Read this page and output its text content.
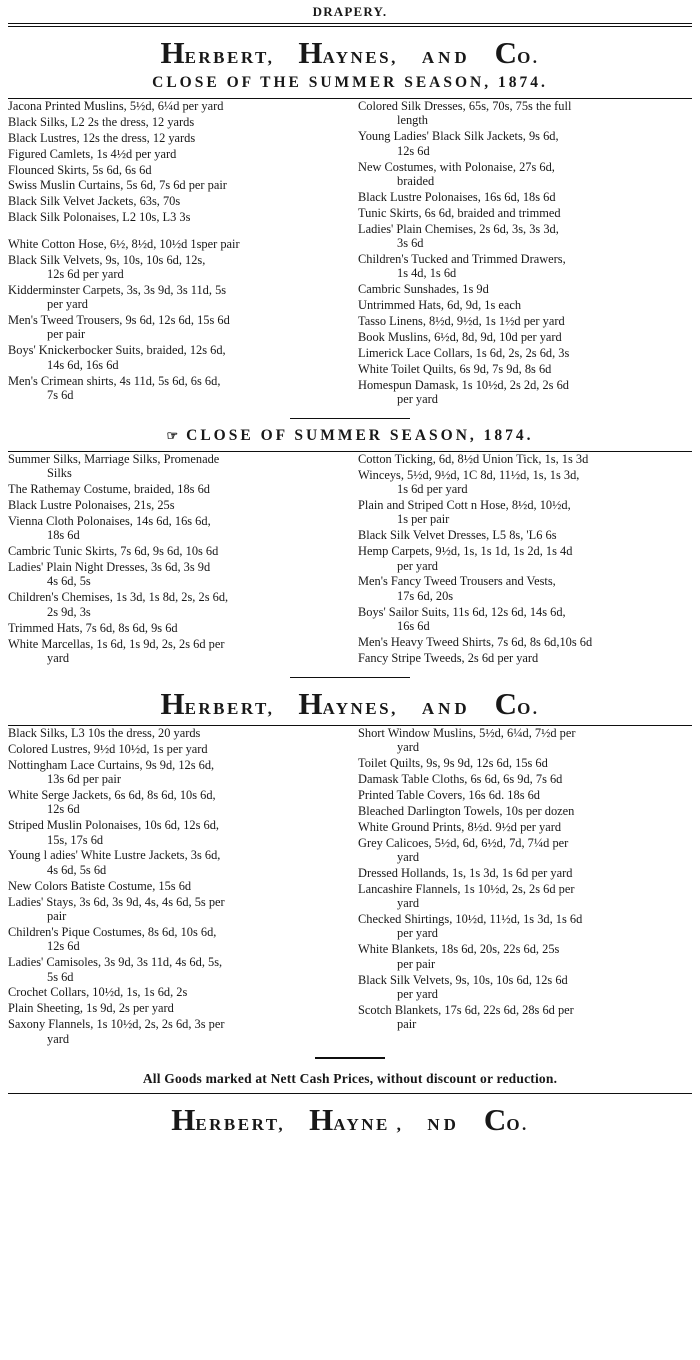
DRAPERY.
HERBERT, HAYNES, AND CO.
CLOSE OF THE SUMMER SEASON, 1874.
Jacona Printed Muslins, 5½d, 6¼d per yard
Black Silks, L2 2s the dress, 12 yards
Black Lustres, 12s the dress, 12 yards
Figured Camlets, 1s 4½d per yard
Flounced Skirts, 5s 6d, 6s 6d
Swiss Muslin Curtains, 5s 6d, 7s 6d per pair
Black Silk Velvet Jackets, 63s, 70s
Black Silk Polonaises, L2 10s, L3 3s
White Cotton Hose, 6½, 8½d, 10½d 1sper pair
Black Silk Velvets, 9s, 10s, 10s 6d, 12s,
12s 6d per yard
Kidderminster Carpets, 3s, 3s 9d, 3s 11d, 5s
per yard
Men's Tweed Trousers, 9s 6d, 12s 6d, 15s 6d
per pair
Boys' Knickerbocker Suits, braided, 12s 6d,
14s 6d, 16s 6d
Men's Crimean shirts, 4s 11d, 5s 6d, 6s 6d,
7s 6d
Colored Silk Dresses, 65s, 70s, 75s the full
length
Young Ladies' Black Silk Jackets, 9s 6d,
12s 6d
New Costumes, with Polonaise, 27s 6d,
braided
Black Lustre Polonaises, 16s 6d, 18s 6d
Tunic Skirts, 6s 6d, braided and trimmed
Ladies' Plain Chemises, 2s 6d, 3s, 3s 3d,
3s 6d
Children's Tucked and Trimmed Drawers,
1s 4d, 1s 6d
Cambric Sunshades, 1s 9d
Untrimmed Hats, 6d, 9d, 1s each
Tasso Linens, 8½d, 9½d, 1s 1½d per yard
Book Muslins, 6½d, 8d, 9d, 10d per yard
Limerick Lace Collars, 1s 6d, 2s, 2s 6d, 3s
White Toilet Quilts, 6s 9d, 7s 9d, 8s 6d
Homespun Damask, 1s 10½d, 2s 2d, 2s 6d
per yard
☞ CLOSE OF SUMMER SEASON, 1874.
Summer Silks, Marriage Silks, Promenade
Silks
The Rathemay Costume, braided, 18s 6d
Black Lustre Polonaises, 21s, 25s
Vienna Cloth Polonaises, 14s 6d, 16s 6d,
18s 6d
Cambric Tunic Skirts, 7s 6d, 9s 6d, 10s 6d
Ladies' Plain Night Dresses, 3s 6d, 3s 9d
4s 6d, 5s
Children's Chemises, 1s 3d, 1s 8d, 2s, 2s 6d,
2s 9d, 3s
Trimmed Hats, 7s 6d, 8s 6d, 9s 6d
White Marcellas, 1s 6d, 1s 9d, 2s, 2s 6d per
yard
Cotton Ticking, 6d, 8½d Union Tick, 1s, 1s 3d
Winceys, 5½d, 9½d, 1C 8d, 11½d, 1s, 1s 3d,
1s 6d per yard
Plain and Striped Cott n Hose, 8½d, 10½d,
1s per pair
Black Silk Velvet Dresses, L5 8s, 'L6 6s
Hemp Carpets, 9½d, 1s, 1s 1d, 1s 2d, 1s 4d
per yard
Men's Fancy Tweed Trousers and Vests,
17s 6d, 20s
Boys' Sailor Suits, 11s 6d, 12s 6d, 14s 6d,
16s 6d
Men's Heavy Tweed Shirts, 7s 6d, 8s 6d,10s 6d
Fancy Stripe Tweeds, 2s 6d per yard
HERBERT, HAYNES, AND CO.
Black Silks, L3 10s the dress, 20 yards
Colored Lustres, 9½d 10½d, 1s per yard
Nottingham Lace Curtains, 9s 9d, 12s 6d,
13s 6d per pair
White Serge Jackets, 6s 6d, 8s 6d, 10s 6d,
12s 6d
Striped Muslin Polonaises, 10s 6d, 12s 6d,
15s, 17s 6d
Young l adies' White Lustre Jackets, 3s 6d,
4s 6d, 5s 6d
New Colors Batiste Costume, 15s 6d
Ladies' Stays, 3s 6d, 3s 9d, 4s, 4s 6d, 5s per
pair
Children's Pique Costumes, 8s 6d, 10s 6d,
12s 6d
Ladies' Camisoles, 3s 9d, 3s 11d, 4s 6d, 5s,
5s 6d
Crochet Collars, 10½d, 1s, 1s 6d, 2s
Plain Sheeting, 1s 9d, 2s per yard
Saxony Flannels, 1s 10½d, 2s, 2s 6d, 3s per
yard
Short Window Muslins, 5½d, 6¼d, 7½d per
yard
Toilet Quilts, 9s, 9s 9d, 12s 6d, 15s 6d
Damask Table Cloths, 6s 6d, 6s 9d, 7s 6d
Printed Table Covers, 16s 6d. 18s 6d
Bleached Darlington Towels, 10s per dozen
White Ground Prints, 8½d. 9½d per yard
Grey Calicoes, 5½d, 6d, 6½d, 7d, 7¼d per
yard
Dressed Hollands, 1s, 1s 3d, 1s 6d per yard
Lancashire Flannels, 1s 10½d, 2s, 2s 6d per
yard
Checked Shirtings, 10½d, 11½d, 1s 3d, 1s 6d
per yard
White Blankets, 18s 6d, 20s, 22s 6d, 25s
per pair
Black Silk Velvets, 9s, 10s, 10s 6d, 12s 6d
per yard
Scotch Blankets, 17s 6d, 22s 6d, 28s 6d per
pair
All Goods marked at Nett Cash Prices, without discount or reduction.
HERBERT, HAYNE , ND CO.
